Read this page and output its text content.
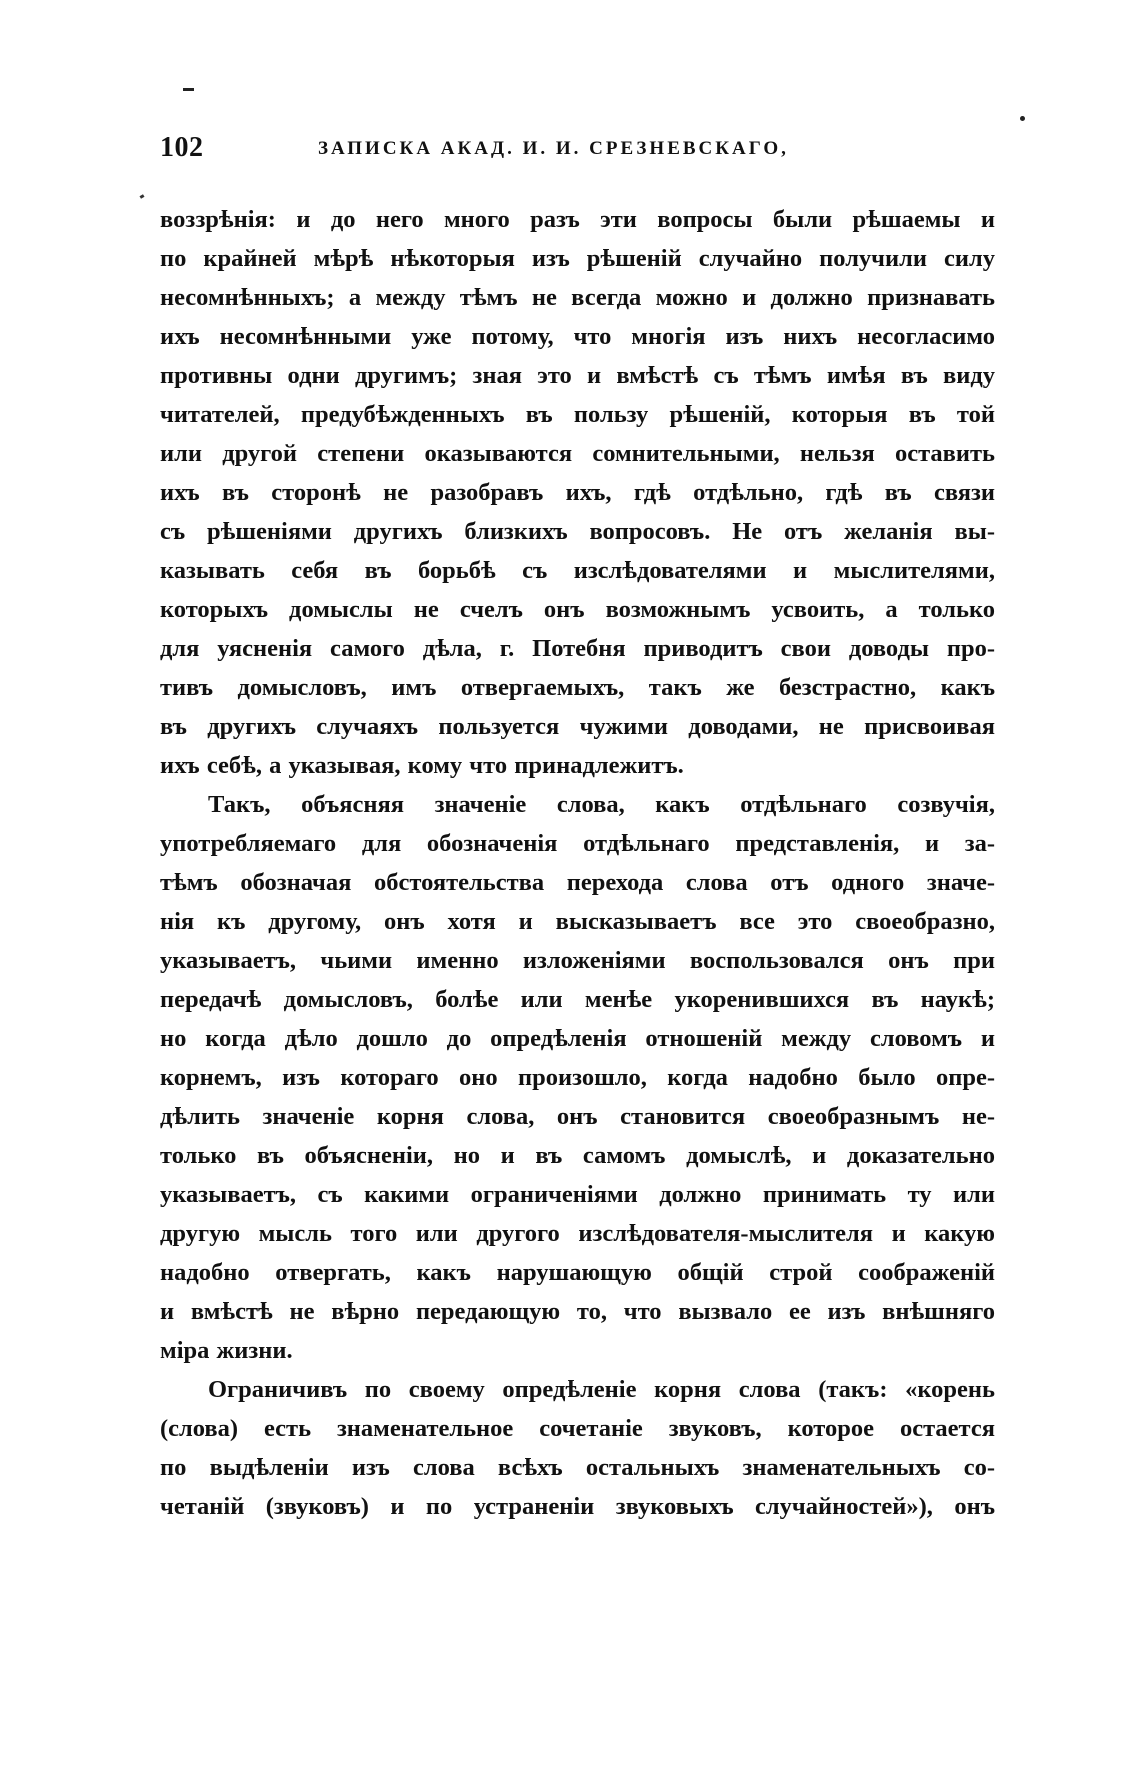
102	ЗАПИСКА АКАД. И. И. СРЕЗНЕВСКАГО,
воззрѣнія: и до него много разъ эти вопросы были рѣшаемы и
по крайней мѣрѣ нѣкоторыя изъ рѣшеній случайно получили силу
несомнѣнныхъ; а между тѣмъ не всегда можно и должно признавать
ихъ несомнѣнными уже потому, что многія изъ нихъ несогласимо
противны одни другимъ; зная это и вмѣстѣ съ тѣмъ имѣя въ виду
читателей, предубѣжденныхъ въ пользу рѣшеній, которыя въ той
или другой степени оказываются сомнительными, нельзя оставить
ихъ въ сторонѣ не разобравъ ихъ, гдѣ отдѣльно, гдѣ въ связи
съ рѣшеніями другихъ близкихъ вопросовъ. Не отъ желанія вы-
казывать себя въ борьбѣ съ изслѣдователями и мыслителями,
которыхъ домыслы не счелъ онъ возможнымъ усвоить, а только
для уясненія самого дѣла, г. Потебня приводитъ свои доводы про-
тивъ домысловъ, имъ отвергаемыхъ, такъ же безстрастно, какъ
въ другихъ случаяхъ пользуется чужими доводами, не присвоивая
ихъ себѣ, а указывая, кому что принадлежитъ.
Такъ, объясняя значеніе слова, какъ отдѣльнаго созвучія,
употребляемаго для обозначенія отдѣльнаго представленія, и за-
тѣмъ обозначая обстоятельства перехода слова отъ одного значе-
нія къ другому, онъ хотя и высказываетъ все это своеобразно,
указываетъ, чьими именно изложеніями воспользовался онъ при
передачѣ домысловъ, болѣе или менѣе укоренившихся въ наукѣ;
но когда дѣло дошло до опредѣленія отношеній между словомъ и
корнемъ, изъ котораго оно произошло, когда надобно было опре-
дѣлить значеніе корня слова, онъ становится своеобразнымъ не-
только въ объясненіи, но и въ самомъ домыслѣ, и доказательно
указываетъ, съ какими ограниченіями должно принимать ту или
другую мысль того или другого изслѣдователя-мыслителя и какую
надобно отвергать, какъ нарушающую общій строй соображеній
и вмѣстѣ не вѣрно передающую то, что вызвало ее изъ внѣшняго
міра жизни.
Ограничивъ по своему опредѣленіе корня слова (такъ: «корень
(слова) есть знаменательное сочетаніе звуковъ, которое остается
по выдѣленіи изъ слова всѣхъ остальныхъ знаменательныхъ со-
четаній (звуковъ) и по устраненіи звуковыхъ случайностей»), онъ
